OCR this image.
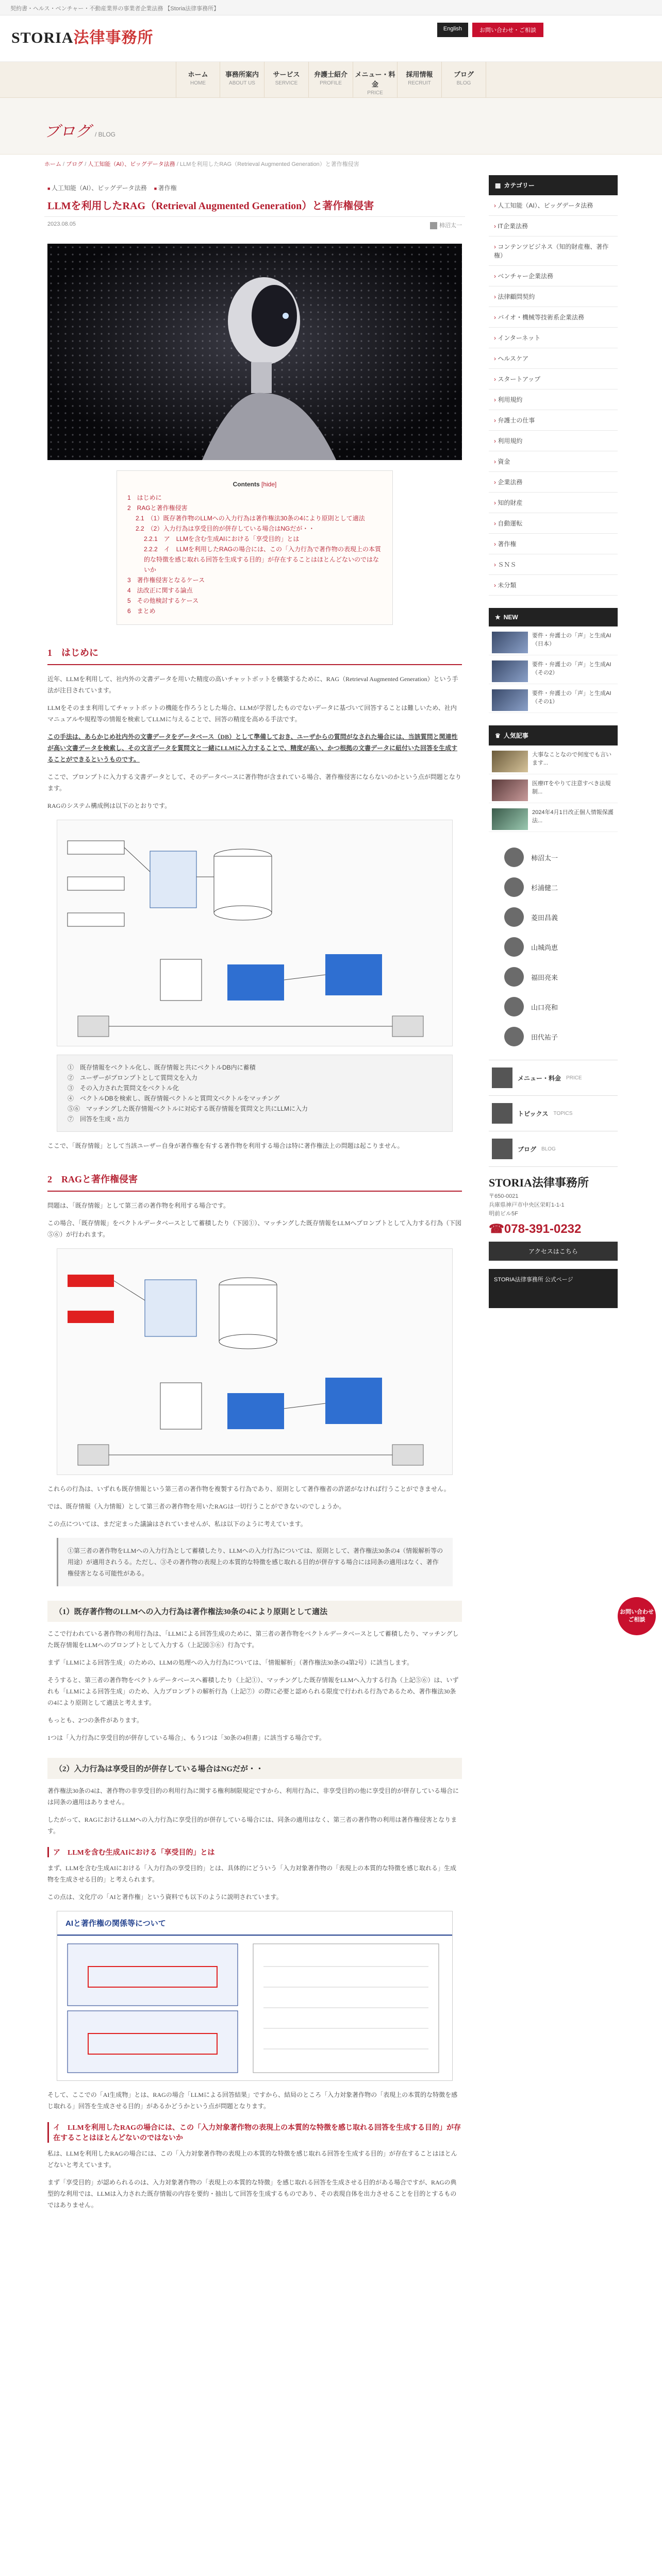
契約書・ヘルス・ベンチャー・不動産業界の事業者企業法務 【Storia法律事務所】
STORIA法律事務所
English	お問い合わせ・ご相談
ホーム
HOME
事務所案内
ABOUT US
サービス
SERVICE
弁護士紹介
PROFILE
メニュー・料金
PRICE
採用情報
RECRUIT
ブログ
BLOG
ブログ / BLOG
ホーム / ブログ / 人工知能（AI）、ビッグデータ法務 / LLMを利用したRAG（Retrieval Augmented Generation）と著作権侵害
■ 人工知能（AI）、ビッグデータ法務■ 著作権
LLMを利用したRAG（Retrieval Augmented Generation）と著作権侵害
2023.08.05	柿沼太一
Contents [hide]
1　はじめに
2　RAGと著作権侵害
2.1　（1）既存著作物のLLMへの入力行為は著作権法30条の4により原則として適法
2.2　（2）入力行為は享受目的が併存している場合はNGだが・・
2.2.1　ア　LLMを含む生成AIにおける「享受目的」とは
2.2.2　イ　LLMを利用したRAGの場合には、この「入力行為で著作物の表現上の本質的な特徴を感じ取れる回答を生成する目的」が存在することはほとんどないのではないか
3　著作権侵害となるケース
4　法改正に関する論点
5　その他検討するケース
6　まとめ
1　はじめに

近年、LLMを利用して、社内外の文書データを用いた精度の高いチャットボットを構築するために、RAG（Retrieval Augmented Generation）という手法が注目されています。

LLMをそのまま利用してチャットボットの機能を作ろうとした場合、LLMが学習したものでないデータに基づいて回答することは難しいため、社内マニュアルや規程等の情報を検索してLLMに与えることで、回答の精度を高める手法です。

この手法は、あらかじめ社内外の文書データをデータベース（DB）として準備しておき、ユーザからの質問がなされた場合には、当該質問と関連性が高い文書データを検索し、その文言データを質問文と一緒にLLMに入力することで、精度が高い、かつ根拠の文書データに紐付いた回答を生成することができるというものです。

ここで、プロンプトに入力する文書データとして、そのデータベースに著作物が含まれている場合、著作権侵害にならないのかという点が問題となります。

RAGのシステム構成例は以下のとおりです。

①　既存情報をベクトル化し、既存情報と共にベクトルDB内に蓄積
②　ユーザーがプロンプトとして質問文を入力
③　その入力された質問文をベクトル化
④　ベクトルDBを検索し、既存情報ベクトルと質問文ベクトルをマッチング
⑤⑥　マッチングした既存情報ベクトルに対応する既存情報を質問文と共にLLMに入力
⑦　回答を生成・出力

ここで、「既存情報」として当該ユーザー自身が著作権を有する著作物を利用する場合は特に著作権法上の問題は起こりません。

2　RAGと著作権侵害

問題は、「既存情報」として第三者の著作物を利用する場合です。

この場合、「既存情報」をベクトルデータベースとして蓄積したり（下図①）、マッチングした既存情報をLLMへプロンプトとして入力する行為（下図⑤⑥）が行われます。

これらの行為は、いずれも既存情報という第三者の著作物を複製する行為であり、原則として著作権者の許諾がなければ行うことができません。

では、既存情報（入力情報）として第三者の著作物を用いたRAGは一切行うことができないのでしょうか。

この点については、まだ定まった議論はされていませんが、私は以下のように考えています。

①第三者の著作物をLLMへの入力行為として蓄積したり、LLMへの入力行為については、原則として、著作権法30条の4（情報解析等の用途）が適用されうる。ただし、③その著作物の表現上の本質的な特徴を感じ取れる目的が併存する場合には同条の適用はなく、著作権侵害となる可能性がある。
（1）既存著作物のLLMへの入力行為は著作権法30条の4により原則として適法

ここで行われている著作物の利用行為は、「LLMによる回答生成のために、第三者の著作物をベクトルデータベースとして蓄積したり、マッチングした既存情報をLLMへのプロンプトとして入力する（上記図⑤⑥）行為です。

まず「LLMによる回答生成」のための、LLMの処理への入力行為については、「情報解析」（著作権法30条の4第2号）に該当します。

そうすると、第三者の著作物をベクトルデータベースへ蓄積したり（上記①）、マッチングした既存情報をLLMへ入力する行為（上記⑤⑥）は、いずれも「LLMによる回答生成」のため、入力プロンプトの解析行為（上記⑦）の際に必要と認められる限度で行われる行為であるため、著作権法30条の4により原則として適法と考えます。

もっとも、2つの条件があります。

1つは「入力行為に享受目的が併存している場合」、もう1つは「30条の4但書」に該当する場合です。

（2）入力行為は享受目的が併存している場合はNGだが・・

著作権法30条の4は、著作物の非享受目的の利用行為に関する権利制限規定ですから、利用行為に、非享受目的の他に享受目的が併存している場合には同条の適用はありません。

したがって、RAGにおけるLLMへの入力行為に享受目的が併存している場合には、同条の適用はなく、第三者の著作物の利用は著作権侵害となります。

ア　LLMを含む生成AIにおける「享受目的」とは

まず、LLMを含む生成AIにおける「入力行為の享受目的」とは、具体的にどういう「入力対象著作物の「表現上の本質的な特徴を感じ取れる」生成物を生成させる目的」と考えられます。

この点は、文化庁の「AIと著作権」という資料でも以下のように説明されています。

AIと著作権の関係等について

そして、ここでの「AI生成物」とは、RAGの場合「LLMによる回答結果」ですから、結局のところ「入力対象著作物の「表現上の本質的な特徴を感じ取れる」回答を生成させる目的」があるかどうかという点が問題となります。

イ　LLMを利用したRAGの場合には、この「入力対象著作物の表現上の本質的な特徴を感じ取れる回答を生成する目的」が存在することはほとんどないのではないか

私は、LLMを利用したRAGの場合には、この「入力対象著作物の表現上の本質的な特徴を感じ取れる回答を生成する目的」が存在することはほとんどないと考えています。

まず「享受目的」が認められるのは、入力対象著作物の「表現上の本質的な特徴」を感じ取れる回答を生成させる目的がある場合ですが、RAGの典型的な利用では、LLMは入力された既存情報の内容を要約・抽出して回答を生成するものであり、その表現自体を出力させることを目的とするものではありません。

▦ カテゴリー
› 人工知能（AI）、ビッグデータ法務
› IT企業法務
› コンテンツビジネス（知的財産権、著作権）
› ベンチャー企業法務
› 法律顧問契約
› バイオ・機械等技術系企業法務
› インターネット
› ヘルスケア
› スタートアップ
› 利用規約
› 弁護士の仕事
› 利用規約
› 資金
› 企業法務
› 知的財産
› 自動運転
› 著作権
› ＳＮＳ
› 未分類
★ NEW
要件・弁護士の「声」と生成AI（日本）
要件・弁護士の「声」と生成AI（その2）
要件・弁護士の「声」と生成AI（その1）
♛ 人気記事
大事なことなので何度でも言います...
医療ITをやりて注意すべき法規制...
2024年4月1日改正個人情報保護法...
柿沼太一
杉浦健二
菱田昌義
山城尚恵
福田亮来
山口亮和
田代祐子
メニュー・料金 PRICE
トピックス TOPICS
ブログ BLOG
STORIA法律事務所
〒650-0021
兵庫県神戸市中央区栄町1-1-1
明前ビル5F
☎078-391-0232
アクセスはこちら
STORIA法律事務所 公式ページ
お問い合わせ
ご相談
